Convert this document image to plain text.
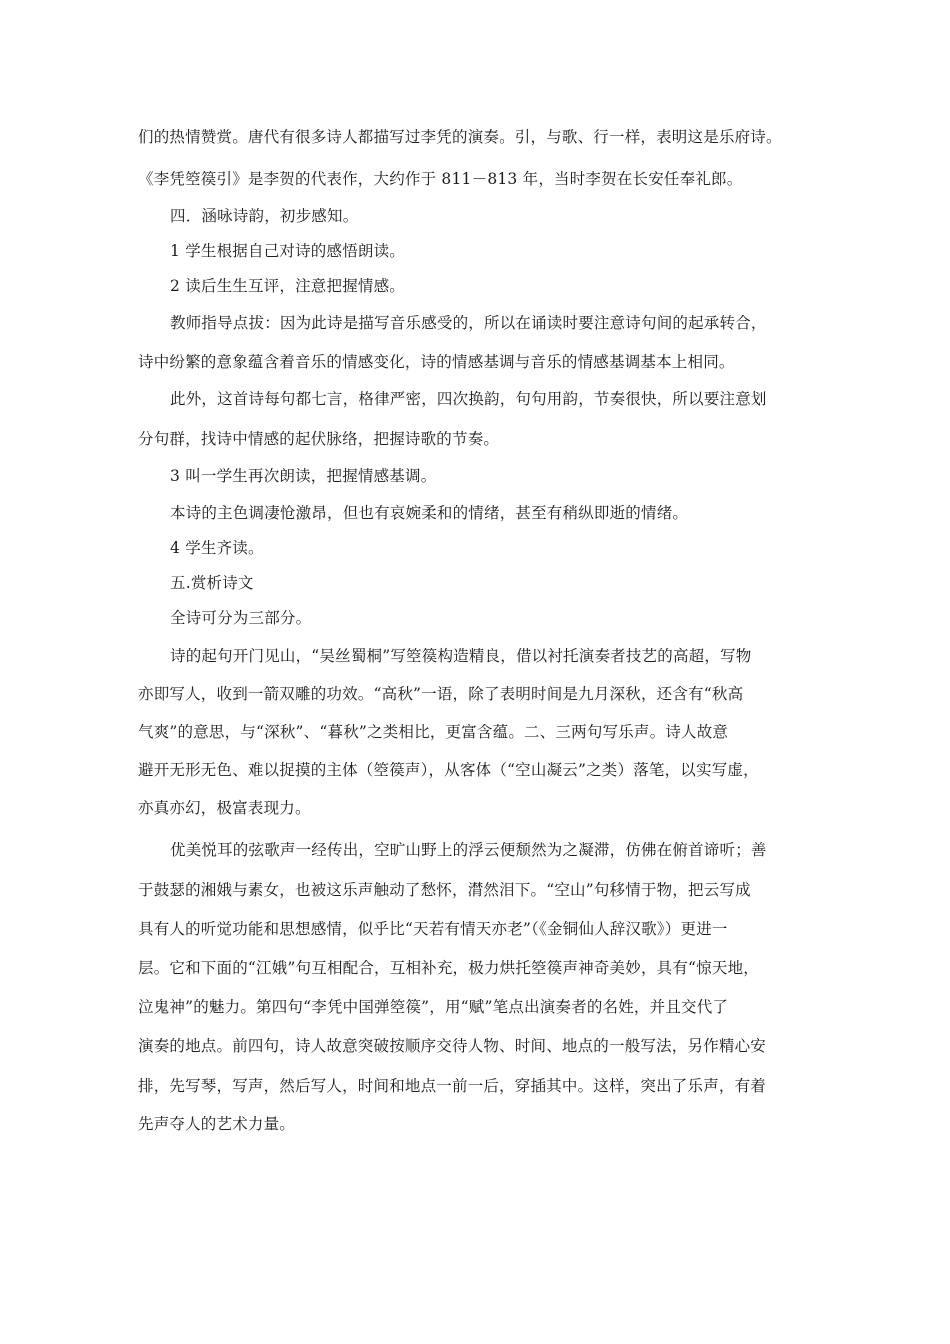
们的热情赞赏。唐代有很多诗人都描写过李凭的演奏。引，与歌、行一样，表明这是乐府诗。
《李凭箜篌引》是李贺的代表作，大约作于 811－813 年，当时李贺在长安任奉礼郎。
四．涵咏诗韵，初步感知。
1 学生根据自己对诗的感悟朗读。
2 读后生生互评，注意把握情感。
教师指导点拔：因为此诗是描写音乐感受的，所以在诵读时要注意诗句间的起承转合，
诗中纷繁的意象蕴含着音乐的情感变化，诗的情感基调与音乐的情感基调基本上相同。
此外，这首诗每句都七言，格律严密，四次换韵，句句用韵，节奏很快，所以要注意划
分句群，找诗中情感的起伏脉络，把握诗歌的节奏。
3 叫一学生再次朗读，把握情感基调。
本诗的主色调凄怆激昂，但也有哀婉柔和的情绪，甚至有稍纵即逝的情绪。
4 学生齐读。
五.赏析诗文
全诗可分为三部分。
诗的起句开门见山，“吴丝蜀桐”写箜篌构造精良，借以衬托演奏者技艺的高超，写物
亦即写人，收到一箭双雕的功效。“高秋”一语，除了表明时间是九月深秋，还含有“秋高
气爽”的意思，与“深秋”、“暮秋”之类相比，更富含蕴。二、三两句写乐声。诗人故意
避开无形无色、难以捉摸的主体（箜篌声），从客体（“空山凝云”之类）落笔，以实写虚，
亦真亦幻，极富表现力。
优美悦耳的弦歌声一经传出，空旷山野上的浮云便颓然为之凝滞，仿佛在俯首谛听；善
于鼓瑟的湘娥与素女，也被这乐声触动了愁怀，潸然泪下。“空山”句移情于物，把云写成
具有人的听觉功能和思想感情，似乎比“天若有情天亦老”（《金铜仙人辞汉歌》）更进一
层。它和下面的“江娥”句互相配合，互相补充，极力烘托箜篌声神奇美妙，具有“惊天地，
泣鬼神”的魅力。第四句“李凭中国弹箜篌”，用“赋”笔点出演奏者的名姓，并且交代了
演奏的地点。前四句，诗人故意突破按顺序交待人物、时间、地点的一般写法，另作精心安
排，先写琴，写声，然后写人，时间和地点一前一后，穿插其中。这样，突出了乐声，有着
先声夺人的艺术力量。
